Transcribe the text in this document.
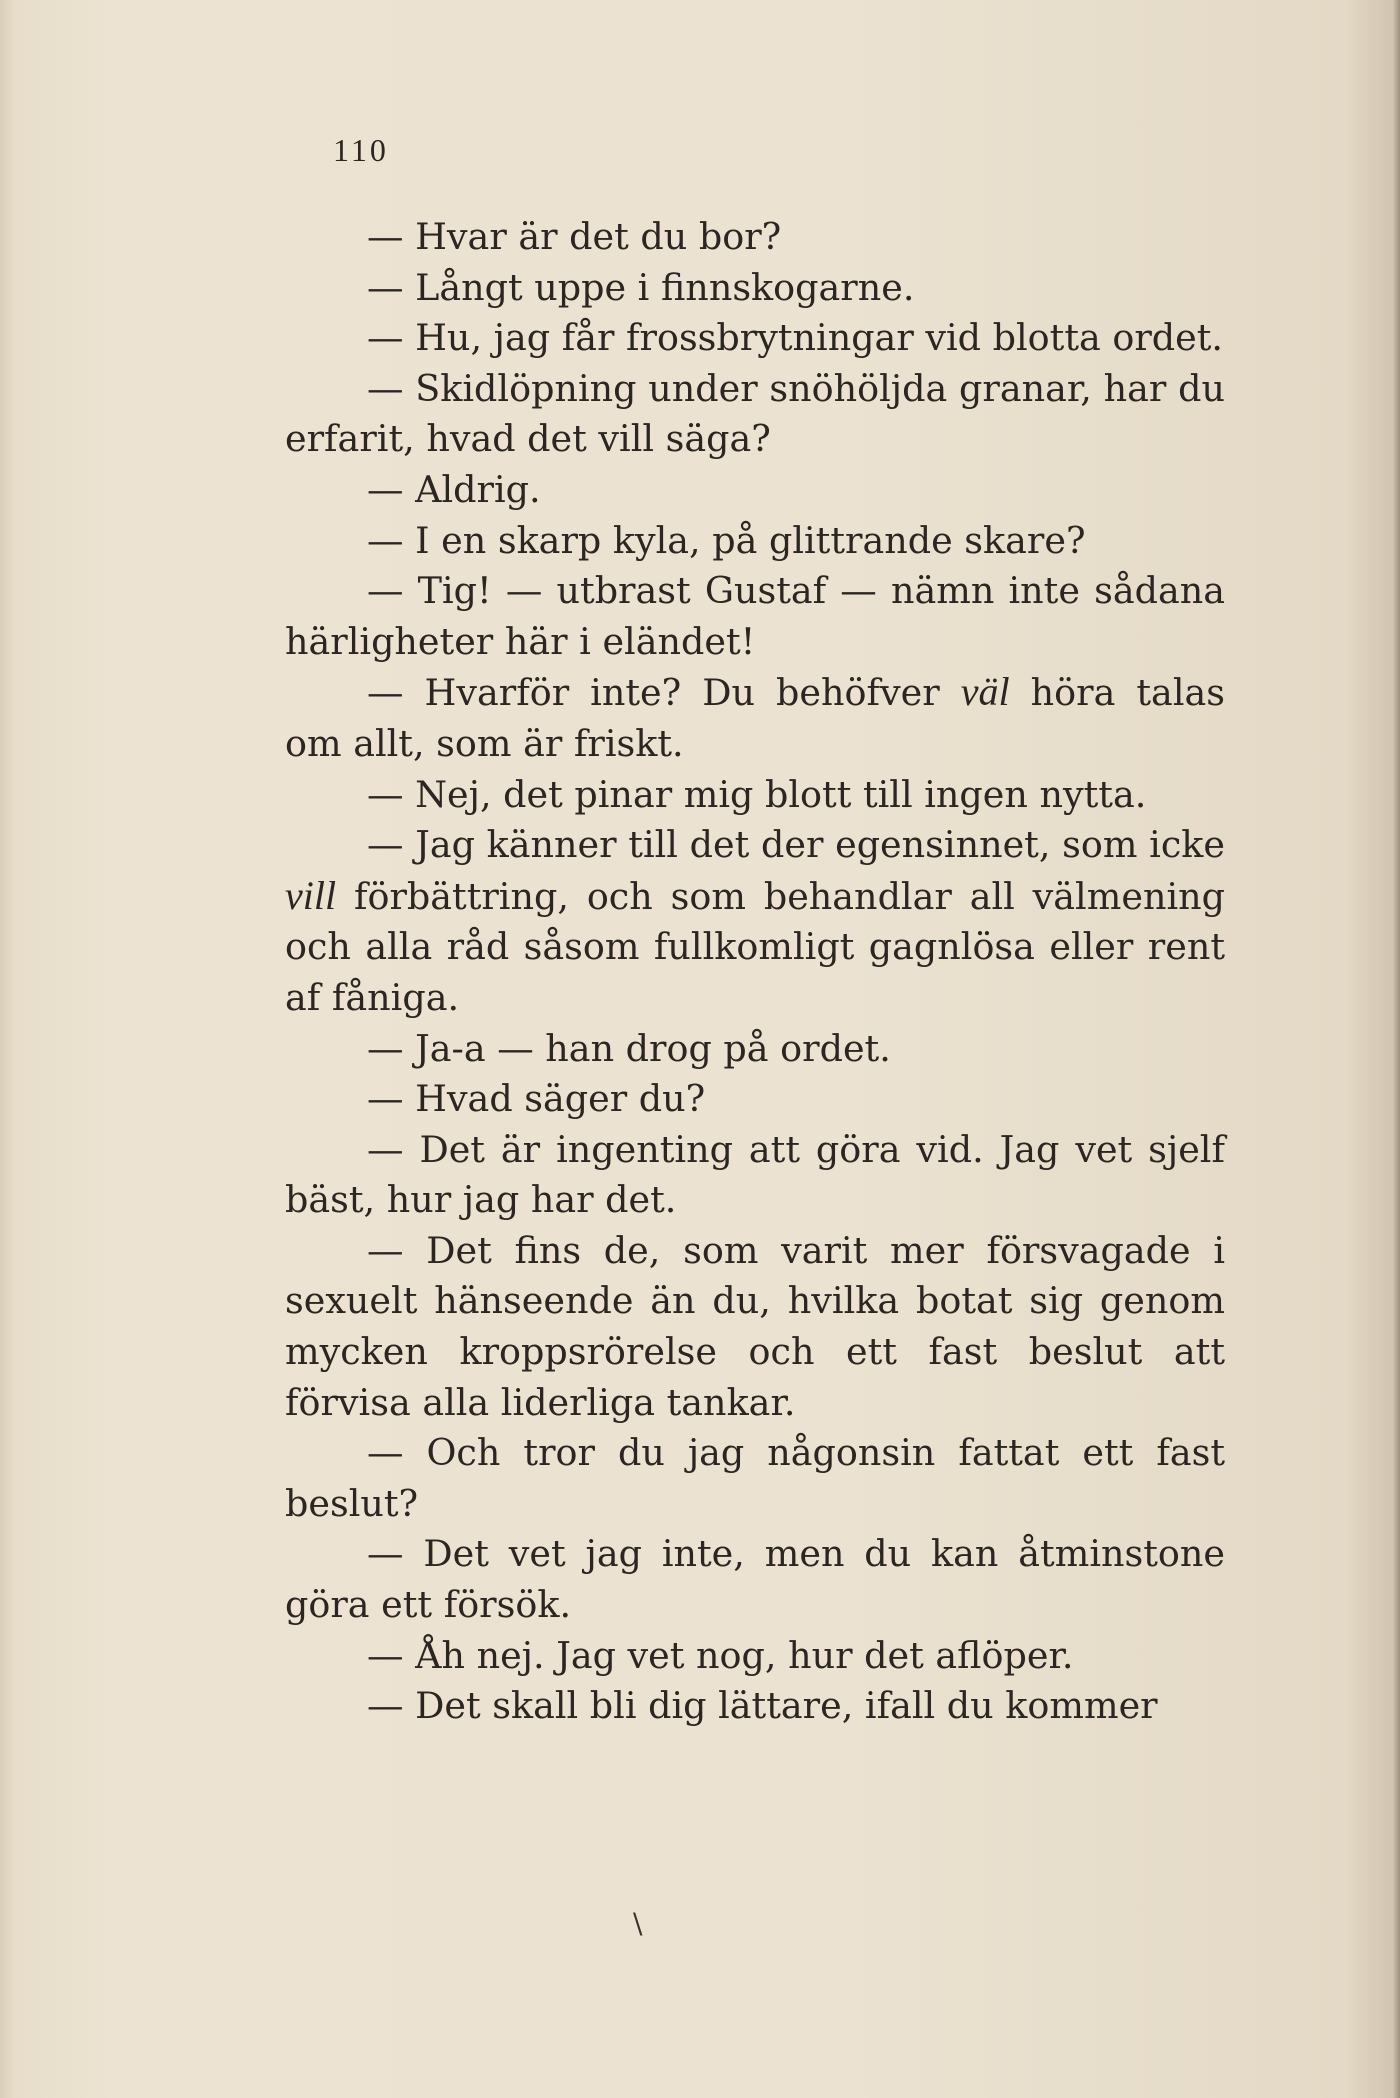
110

— Hvar är det du bor?

— Långt uppe i finnskogarne.

— Hu, jag får frossbrytningar vid blotta ordet.

— Skidlöpning under snöhöljda granar, har du erfarit, hvad det vill säga?

— Aldrig.

— I en skarp kyla, på glittrande skare?

— Tig! — utbrast Gustaf — nämn inte sådana härligheter här i eländet!

— Hvarför inte? Du behöfver väl höra talas om allt, som är friskt.

— Nej, det pinar mig blott till ingen nytta.

— Jag känner till det der egensinnet, som icke vill förbättring, och som behandlar all välmening och alla råd såsom fullkomligt gagnlösa eller rent af fåniga.

— Ja-a — han drog på ordet.

— Hvad säger du?

— Det är ingenting att göra vid. Jag vet sjelf bäst, hur jag har det.

— Det fins de, som varit mer försvagade i sexuelt hänseende än du, hvilka botat sig genom mycken kroppsrörelse och ett fast beslut att förvisa alla liderliga tankar.

— Och tror du jag någonsin fattat ett fast beslut?

— Det vet jag inte, men du kan åtminstone göra ett försök.

— Åh nej. Jag vet nog, hur det aflöper.

— Det skall bli dig lättare, ifall du kommer

\
